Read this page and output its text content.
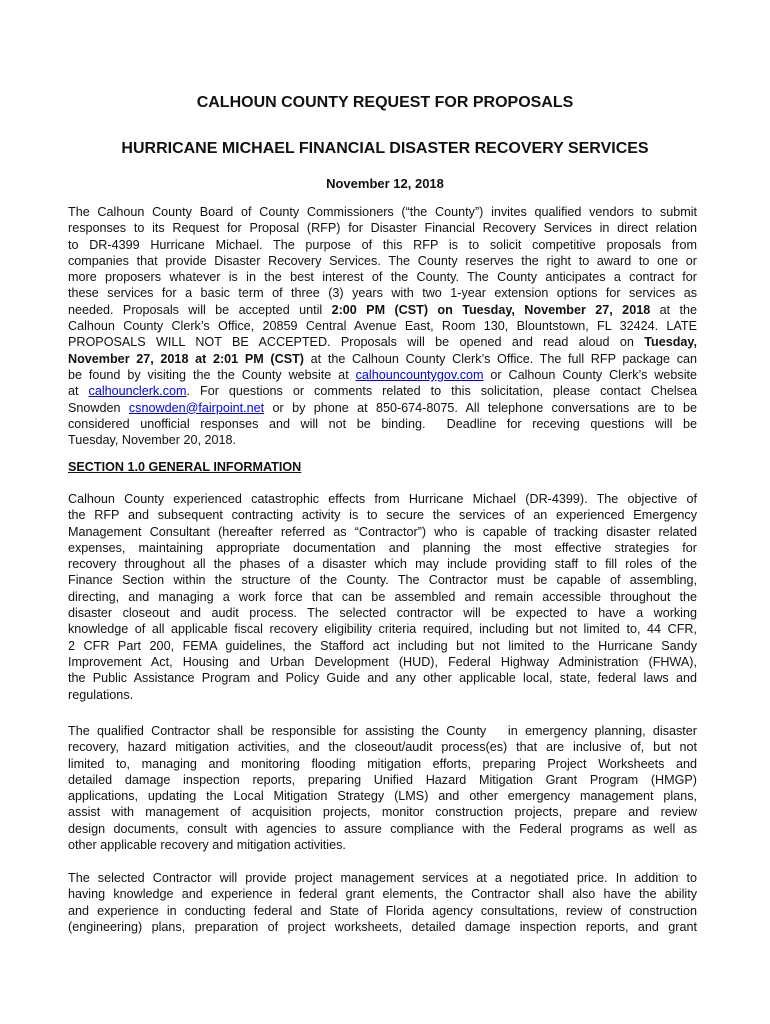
CALHOUN COUNTY REQUEST FOR PROPOSALS
HURRICANE MICHAEL FINANCIAL DISASTER RECOVERY SERVICES
November 12, 2018
The Calhoun County Board of County Commissioners (“the County”) invites qualified vendors to submit
responses to its Request for Proposal (RFP) for Disaster Financial Recovery Services in direct relation
to DR-4399 Hurricane Michael. The purpose of this RFP is to solicit competitive proposals from
companies that provide Disaster Recovery Services. The County reserves the right to award to one or
more proposers whatever is in the best interest of the County. The County anticipates a contract for
these services for a basic term of three (3) years with two 1-year extension options for services as
needed. Proposals will be accepted until 2:00 PM (CST) on Tuesday, November 27, 2018 at the
Calhoun County Clerk’s Office, 20859 Central Avenue East, Room 130, Blountstown, FL 32424. LATE
PROPOSALS WILL NOT BE ACCEPTED. Proposals will be opened and read aloud on Tuesday,
November 27, 2018 at 2:01 PM (CST) at the Calhoun County Clerk’s Office. The full RFP package can
be found by visiting the the County website at calhouncountygov.com or Calhoun County Clerk’s website
at calhounclerk.com. For questions or comments related to this solicitation, please contact Chelsea
Snowden csnowden@fairpoint.net or by phone at 850-674-8075. All telephone conversations are to be
considered unofficial responses and will not be binding.  Deadline for receving questions will be
Tuesday, November 20, 2018.
SECTION 1.0 GENERAL INFORMATION
Calhoun County experienced catastrophic effects from Hurricane Michael (DR-4399). The objective of
the RFP and subsequent contracting activity is to secure the services of an experienced Emergency
Management Consultant (hereafter referred as “Contractor”) who is capable of tracking disaster related
expenses, maintaining appropriate documentation and planning the most effective strategies for
recovery throughout all the phases of a disaster which may include providing staff to fill roles of the
Finance Section within the structure of the County. The Contractor must be capable of assembling,
directing, and managing a work force that can be assembled and remain accessible throughout the
disaster closeout and audit process. The selected contractor will be expected to have a working
knowledge of all applicable fiscal recovery eligibility criteria required, including but not limited to, 44 CFR,
2 CFR Part 200, FEMA guidelines, the Stafford act including but not limited to the Hurricane Sandy
Improvement Act, Housing and Urban Development (HUD), Federal Highway Administration (FHWA),
the Public Assistance Program and Policy Guide and any other applicable local, state, federal laws and
regulations.
The qualified Contractor shall be responsible for assisting the County   in emergency planning, disaster
recovery, hazard mitigation activities, and the closeout/audit process(es) that are inclusive of, but not
limited to, managing and monitoring flooding mitigation efforts, preparing Project Worksheets and
detailed damage inspection reports, preparing Unified Hazard Mitigation Grant Program (HMGP)
applications, updating the Local Mitigation Strategy (LMS) and other emergency management plans,
assist with management of acquisition projects, monitor construction projects, prepare and review
design documents, consult with agencies to assure compliance with the Federal programs as well as
other applicable recovery and mitigation activities.
The selected Contractor will provide project management services at a negotiated price. In addition to
having knowledge and experience in federal grant elements, the Contractor shall also have the ability
and experience in conducting federal and State of Florida agency consultations, review of construction
(engineering) plans, preparation of project worksheets, detailed damage inspection reports, and grant
